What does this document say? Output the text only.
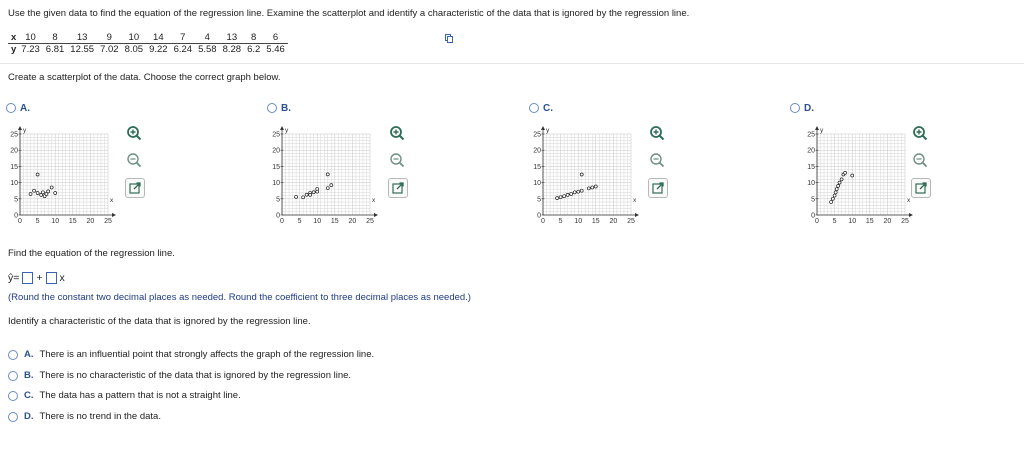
Use the given data to find the equation of the regression line. Examine the scatterplot and identify a characteristic of the data that is ignored by the regression line.
x	10	8	13	9	10	14	7	4	13	8	6
y	7.23	6.81	12.55	7.02	8.05	9.22	6.24	5.58	8.28	6.2	5.46
Create a scatterplot of the data. Choose the correct graph below.
A.	B.	C.	D.
y
x
0 5 10 15 20 25
0
5
10
15
20
25
y
x
0 5 10 15 20 25
0
5
10
15
20
25
y
x
0 5 10 15 20 25
0
5
10
15
20
25
y
x
0 5 10 15 20 25
0
5
10
15
20
25
Find the equation of the regression line.
ŷ = + x
(Round the constant two decimal places as needed. Round the coefficient to three decimal places as needed.)
Identify a characteristic of the data that is ignored by the regression line.
A. There is an influential point that strongly affects the graph of the regression line.
B. There is no characteristic of the data that is ignored by the regression line.
C. The data has a pattern that is not a straight line.
D. There is no trend in the data.
